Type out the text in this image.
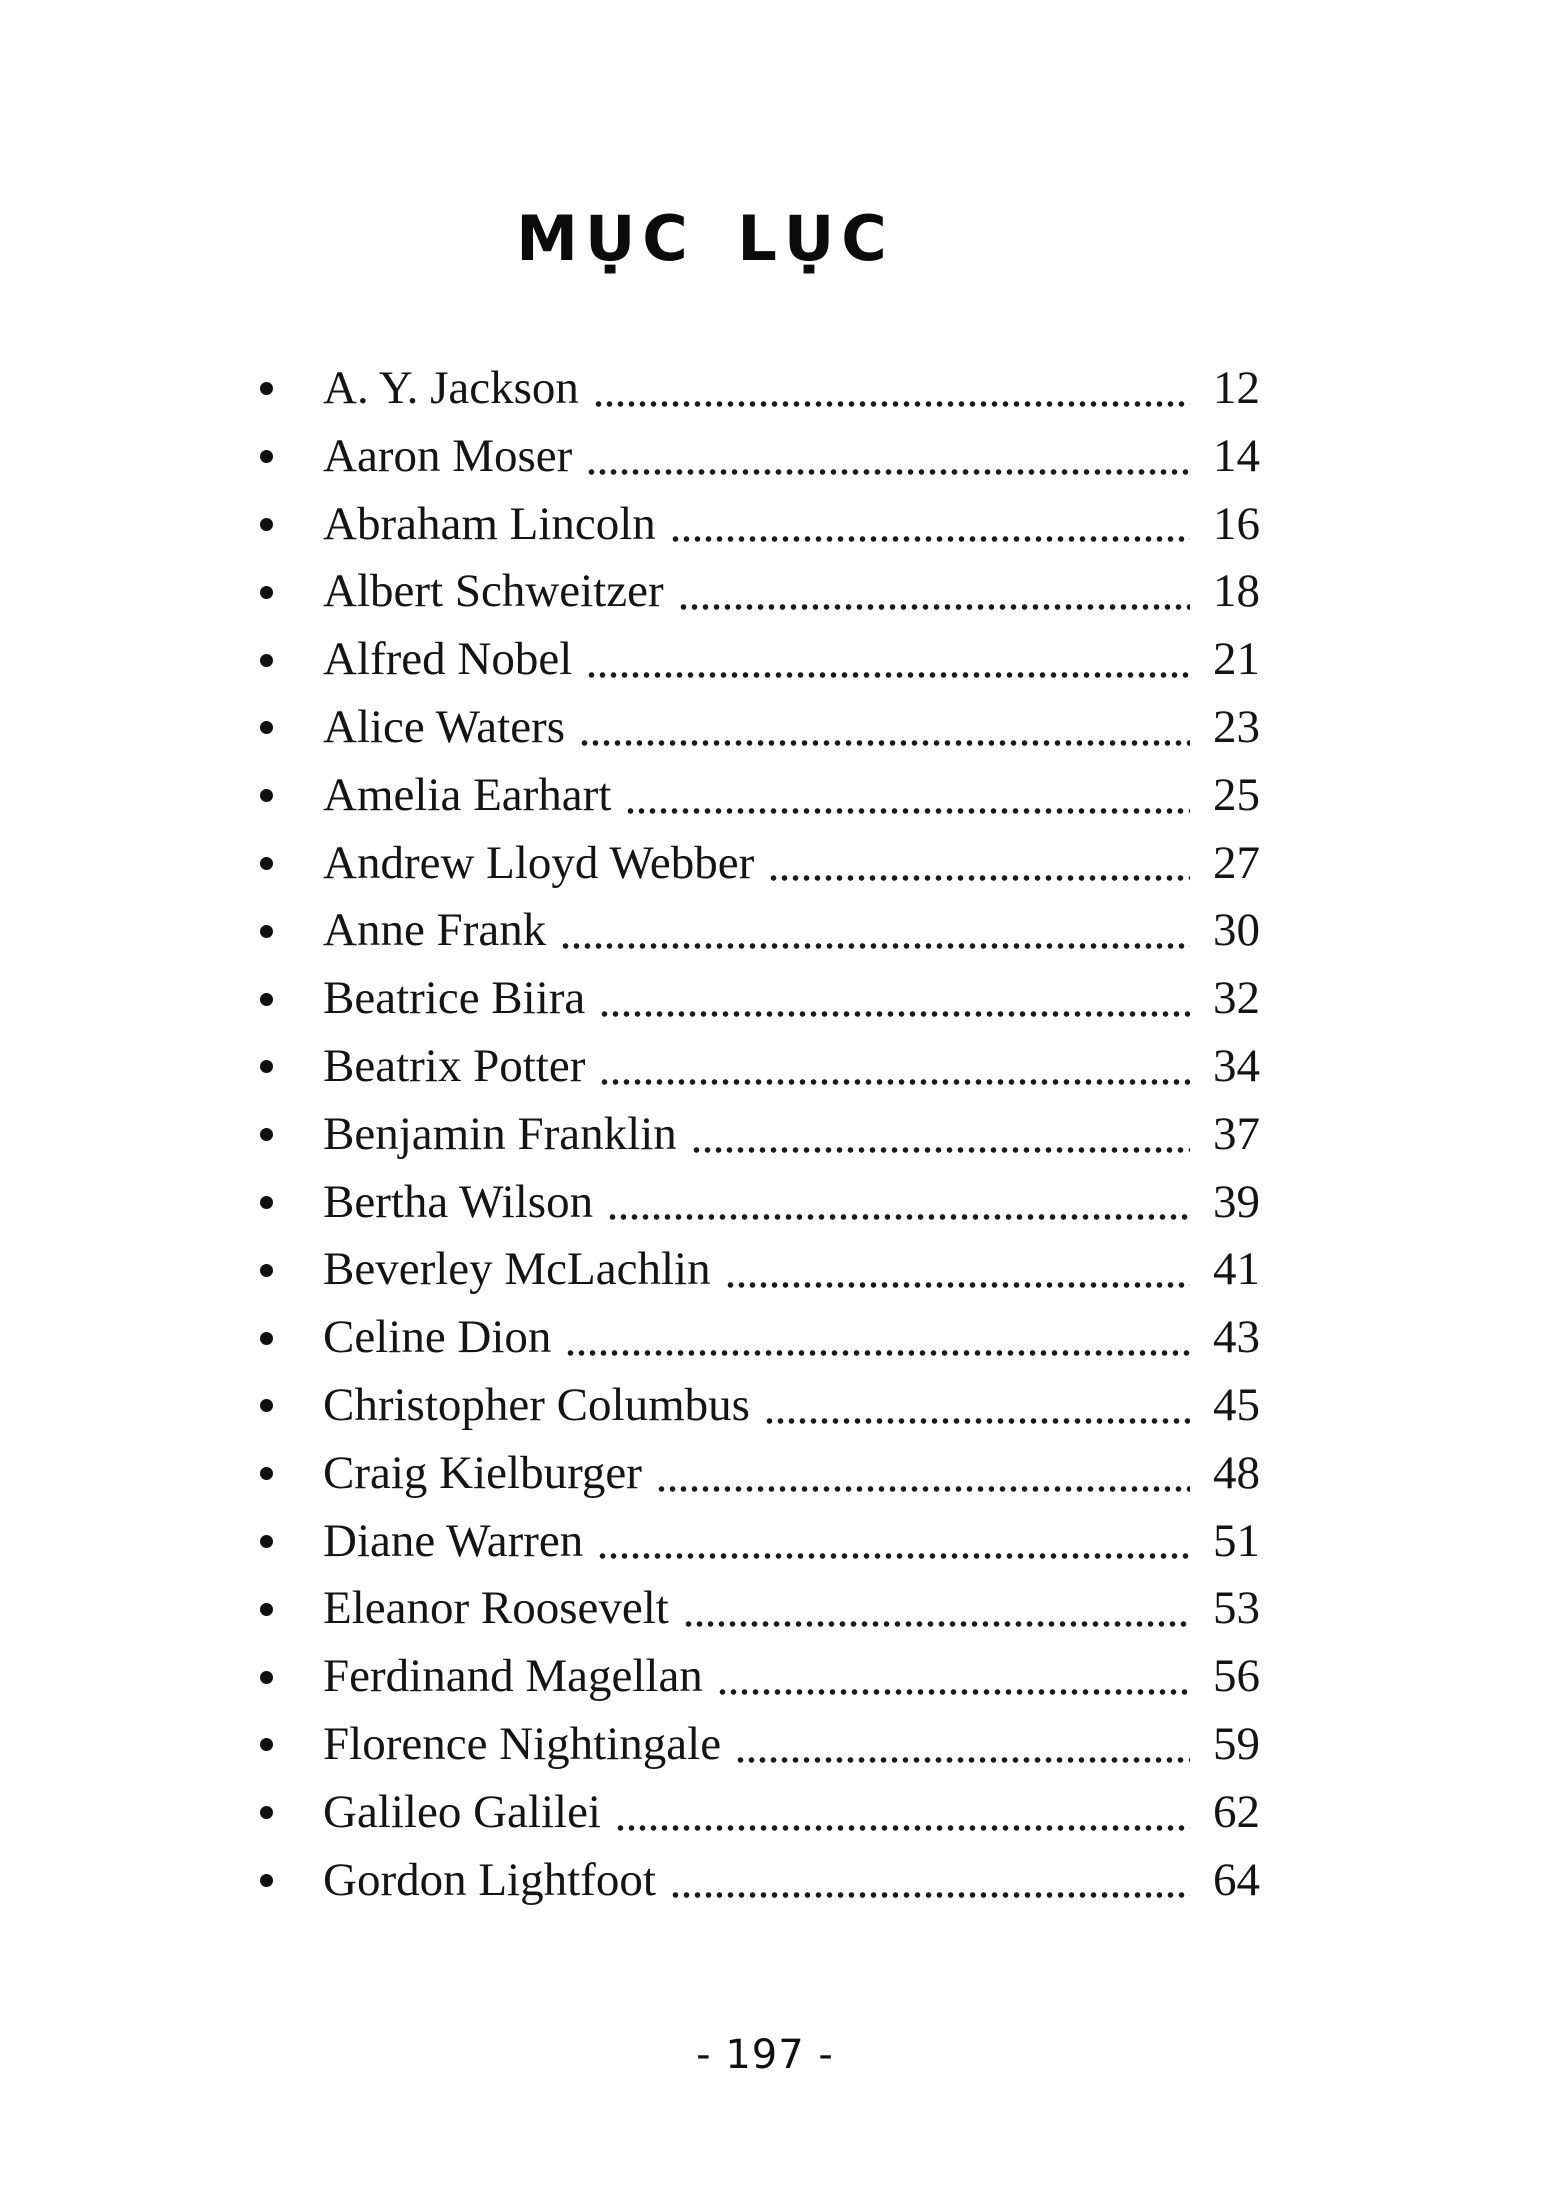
MỤC LỤC
A. Y. Jackson	12
Aaron Moser	14
Abraham Lincoln	16
Albert Schweitzer	18
Alfred Nobel	21
Alice Waters	23
Amelia Earhart	25
Andrew Lloyd Webber	27
Anne Frank	30
Beatrice Biira	32
Beatrix Potter	34
Benjamin Franklin	37
Bertha Wilson	39
Beverley McLachlin	41
Celine Dion	43
Christopher Columbus	45
Craig Kielburger	48
Diane Warren	51
Eleanor Roosevelt	53
Ferdinand Magellan	56
Florence Nightingale	59
Galileo Galilei	62
Gordon Lightfoot	64
- 197 -
